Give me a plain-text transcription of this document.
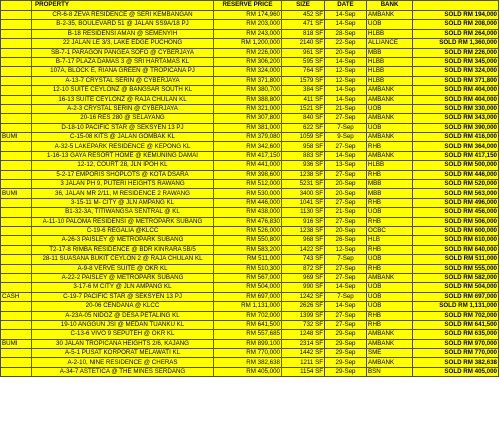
	PROPERTY	RESERVE PRICE	SIZE	DATE	BANK	
	CR-6-8 ZEVA RESIDENCE @ SERI KEMBANGAN	RM 174,960	452 SF	14-Sep	AMBANK	SOLD RM 194,000
	B-2-35, BOULEVARD 51 @ JALAN SS9A/18 PJ	RM 203,000	471 SF	14-Sep	UOB	SOLD RM 208,000
	B-18 RESIDENSI AMAN @ SEMENYIH	RM 243,000	818 SF	28-Sep	HLBB	SOLD RM 264,000
	22 JALAN LE 3/3, LAKE EDGE PUCHONG	RM 1,200,000	2140 SF	22-Sep	ALLIANCE	SOLD RM 1,360,000
	SB-7-1 PARAGON PANGEA SOFO @ CYBERJAYA	RM 226,000	961 SF	20-Sep	MBB	SOLD RM 226,000
	B-7-17 PLAZA DAMAS 3 @ SRI HARTAMAS KL	RM 306,200	595 SF	14-Sep	HLBB	SOLD RM 345,000
	107A, BLOCK E, RIANA GREEN @ TROPICANA PJ	RM 324,000	764 SF	12-Sep	HLBB	SOLD RM 324,000
	A-13-7 CRYSTAL SERIN @ CYBERJAYA	RM 371,800	1579 SF	12-Sep	HLBB	SOLD RM 371,800
	12-10 SUITE CEYLONZ @ BANGSAR SOUTH KL	RM 380,700	384 SF	14-Sep	AMBANK	SOLD RM 404,000
	16-13 SUITE CEYLONZ @ RAJA CHULAN KL	RM 388,800	411 SF	14-Sep	AMBANK	SOLD RM 404,000
	A-2-3 CRYSTAL SERIN @ CYBERJAYA	RM 321,000	1521 SF	21-Sep	UOB	SOLD RM 330,000
	20-16 RES 280 @ SELAYANG	RM 307,800	840 SF	27-Sep	AMBANK	SOLD RM 343,000
	D-18-10 PACIFIC STAR @ SEKSYEN 13 PJ	RM 381,000	622 SF	7-Sep	UOB	SOLD RM 390,000
BUMI	C-15-08 KITS @ JALAN GOMBAK KL	RM 379,080	1059 SF	9-Sep	AMBANK	SOLD RM 416,000
	A-32-5 LAKEPARK RESIDENCE @ KEPONG KL	RM 342,600	958 SF	27-Sep	RHB	SOLD RM 364,000
	1-16-13 GAYA RESORT HOME @ KEMUNING DAMAI	RM 417,150	883 SF	14-Sep	AMBANK	SOLD RM 417,150
	12-12, COURT 28, JLN IPOH KL	RM 441,000	936 SF	13-Sep	HLBB	SOLD RM 500,000
	5-2-17 EMPORIS SHOPLOTS @ KOTA DSARA	RM 398,600	1238 SF	27-Sep	RHB	SOLD RM 446,000
	3 JALAN PH 9, PUTERI HEIGHTS RAWANG	RM 512,000	5231 SF	20-Sep	MBB	SOLD RM 520,000
BUMI	36, JALAN MR 2/11, M RESIDENCE 2 RAWANG	RM 530,000	3400 SF	20-Sep	MBB	SOLD RM 563,000
	3-15-11 M- CITY @ JLN AMPANG KL	RM 446,000	1041 SF	27-Sep	RHB	SOLD RM 496,000
	B1-32-3A, TITIWANGSA SENTRAL @ KL	RM 438,000	1130 SF	21-Sep	UOB	SOLD RM 456,000
	A-11-10 PALOMA RESIDENSI @ METROPARK SUBANG	RM 476,830	916 SF	27-Sep	RHB	SOLD RM 506,000
	C-19-6 REGALIA @KLCC	RM 526,000	1238 SF	20-Sep	OCBC	SOLD RM 600,000
	A-26-3 PAISLEY @ METROPARK SUBANG	RM 550,800	968 SF	26-Sep	HLB	SOLD RM 610,000
	T2-17-8 RIMBA RESIDENCE @ BDR KINRARA 5B/5	RM 583,200	1422 SF	12-Sep	RHB	SOLD RM 640,000
	28-11 SUASANA BUKIT CEYLON 2 @ RAJA CHULAN KL	RM 511,000	743 SF	7-Sep	UOB	SOLD RM 511,000
	A-9-8 VERVE SUITE @ OKR KL	RM 510,300	872 SF	27-Sep	RHB	SOLD RM 555,000
	A-22-2 PAISLEY @ METROPARK SUBANG	RM 567,000	969 SF	27-Sep	AMBANK	SOLD RM 582,000
	3-17-6 M CITY @ JLN AMPANG KL	RM 504,000	990 SF	14-Sep	UOB	SOLD RM 504,000
CASH	C-19-7 PACIFIC STAR @ SEKSYEN 13 PJ	RM 697,000	1242 SF	7-Sep	UOB	SOLD RM 697,000
	20-06 CENDANA @ KLCC	RM 1,131,000	2626 SF	14-Sep	UOB	SOLD RM 1,131,000
	A-23A-05 NIDOZ @ DESA PETALING KL	RM 702,000	1399 SF	27-Sep	RHB	SOLD RM 702,000
	19-10 ANGGUN JSI @ MEDAN TUANKU KL	RM 641,500	732 SF	27-Sep	RHB	SOLD RM 641,500
	C-13-6 VIVO 9 SEPUTEH @ OKR KL	RM 557,685	1248 SF	29-Sep	AMBANK	SOLD RM 635,000
BUMI	30 JALAN TROPICANA HEIGHTS 2/6, KAJANG	RM 899,100	2314 SF	29-Sep	AMBANK	SOLD RM 970,000
	A-5-1 PUSAT KORPORAT MELAWATI KL	RM 770,000	1442 SF	29-Sep	SME	SOLD RM 770,000
	A-2-10, NINE RESIDENCE @ CHERAS	RM 382,638	1211 SF	29-Sep	AMBANK	SOLD RM 382,638
	A-34-7 ASTETICA @ THE MINES SERDANG	RM 405,000	1154 SF	29-Sep	BSN	SOLD RM 405,000
